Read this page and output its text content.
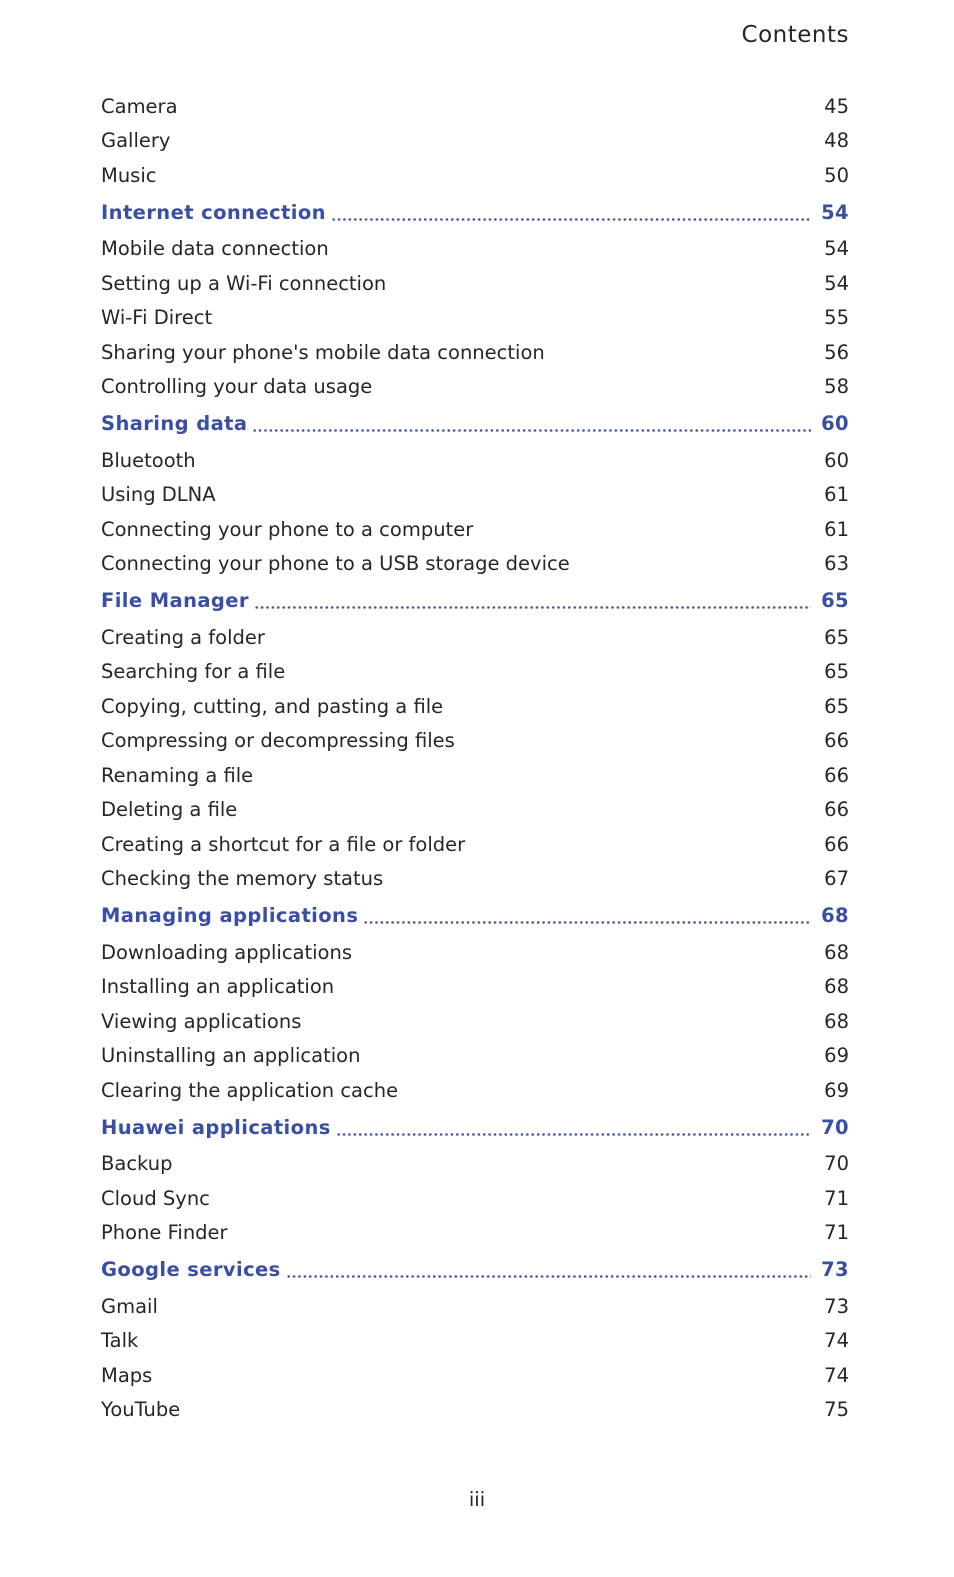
Contents
Camera	45
Gallery	48
Music	50
Internet connection	54
Mobile data connection	54
Setting up a Wi-Fi connection	54
Wi-Fi Direct	55
Sharing your phone's mobile data connection	56
Controlling your data usage	58
Sharing data	60
Bluetooth	60
Using DLNA	61
Connecting your phone to a computer	61
Connecting your phone to a USB storage device	63
File Manager	65
Creating a folder	65
Searching for a file	65
Copying, cutting, and pasting a file	65
Compressing or decompressing files	66
Renaming a file	66
Deleting a file	66
Creating a shortcut for a file or folder	66
Checking the memory status	67
Managing applications	68
Downloading applications	68
Installing an application	68
Viewing applications	68
Uninstalling an application	69
Clearing the application cache	69
Huawei applications	70
Backup	70
Cloud Sync	71
Phone Finder	71
Google services	73
Gmail	73
Talk	74
Maps	74
YouTube	75
iii
